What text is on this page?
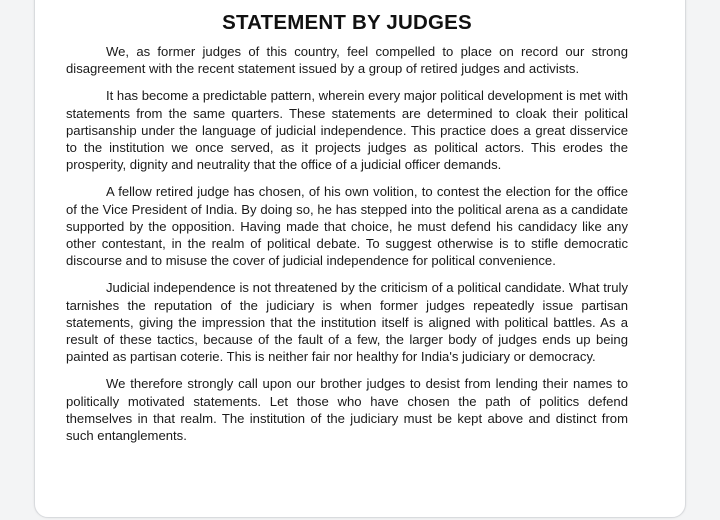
STATEMENT BY JUDGES

We, as former judges of this country, feel compelled to place on record our strong disagreement with the recent statement issued by a group of retired judges and activists.

It has become a predictable pattern, wherein every major political development is met with statements from the same quarters. These statements are determined to cloak their political partisanship under the language of judicial independence. This practice does a great disservice to the institution we once served, as it projects judges as political actors. This erodes the prosperity, dignity and neutrality that the office of a judicial officer demands.

A fellow retired judge has chosen, of his own volition, to contest the election for the office of the Vice President of India. By doing so, he has stepped into the political arena as a candidate supported by the opposition. Having made that choice, he must defend his candidacy like any other contestant, in the realm of political debate. To suggest otherwise is to stifle democratic discourse and to misuse the cover of judicial independence for political convenience.

Judicial independence is not threatened by the criticism of a political candidate. What truly tarnishes the reputation of the judiciary is when former judges repeatedly issue partisan statements, giving the impression that the institution itself is aligned with political battles. As a result of these tactics, because of the fault of a few, the larger body of judges ends up being painted as partisan coterie. This is neither fair nor healthy for India's judiciary or democracy.

We therefore strongly call upon our brother judges to desist from lending their names to politically motivated statements. Let those who have chosen the path of politics defend themselves in that realm. The institution of the judiciary must be kept above and distinct from such entanglements.
